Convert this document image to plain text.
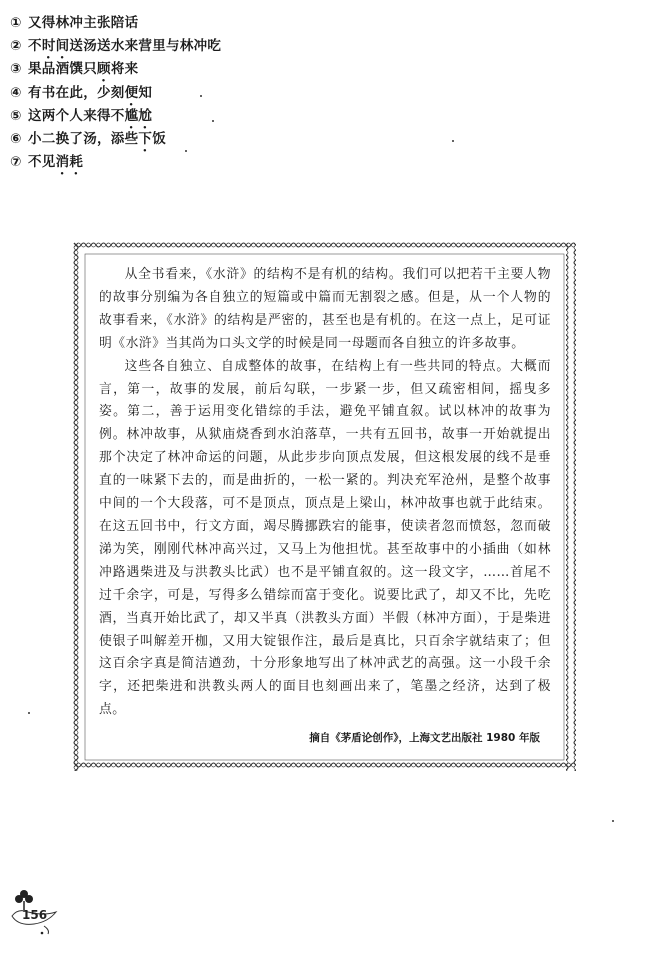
① 又得林冲主张陪话
② 不时间送汤送水来营里与林冲吃
③ 果品酒馔只顾将来
④ 有书在此，少刻便知
⑤ 这两个人来得不尴尬
⑥ 小二换了汤，添些下饭
⑦ 不见消耗

从全书看来，《水浒》的结构不是有机的结构。我们可以把若干主要人物的故事分别编为各自独立的短篇或中篇而无割裂之感。但是，从一个人物的故事看来，《水浒》的结构是严密的，甚至也是有机的。在这一点上，足可证明《水浒》当其尚为口头文学的时候是同一母题而各自独立的许多故事。

这些各自独立、自成整体的故事，在结构上有一些共同的特点。大概而言，第一，故事的发展，前后勾联，一步紧一步，但又疏密相间，摇曳多姿。第二，善于运用变化错综的手法，避免平铺直叙。试以林冲的故事为例。林冲故事，从狱庙烧香到水泊落草，一共有五回书，故事一开始就提出那个决定了林冲命运的问题，从此步步向顶点发展，但这根发展的线不是垂直的一味紧下去的，而是曲折的，一松一紧的。判决充军沧州，是整个故事中间的一个大段落，可不是顶点，顶点是上梁山，林冲故事也就于此结束。在这五回书中，行文方面，竭尽腾挪跌宕的能事，使读者忽而愤怒，忽而破涕为笑，刚刚代林冲高兴过，又马上为他担忧。甚至故事中的小插曲（如林冲路遇柴进及与洪教头比武）也不是平铺直叙的。这一段文字，……首尾不过千余字，可是，写得多么错综而富于变化。说要比武了，却又不比，先吃酒，当真开始比武了，却又半真（洪教头方面）半假（林冲方面），于是柴进使银子叫解差开枷，又用大锭银作注，最后是真比，只百余字就结束了；但这百余字真是简洁遒劲，十分形象地写出了林冲武艺的高强。这一小段千余字，还把柴进和洪教头两人的面目也刻画出来了，笔墨之经济，达到了极点。

摘自《茅盾论创作》，上海文艺出版社 1980 年版
156
